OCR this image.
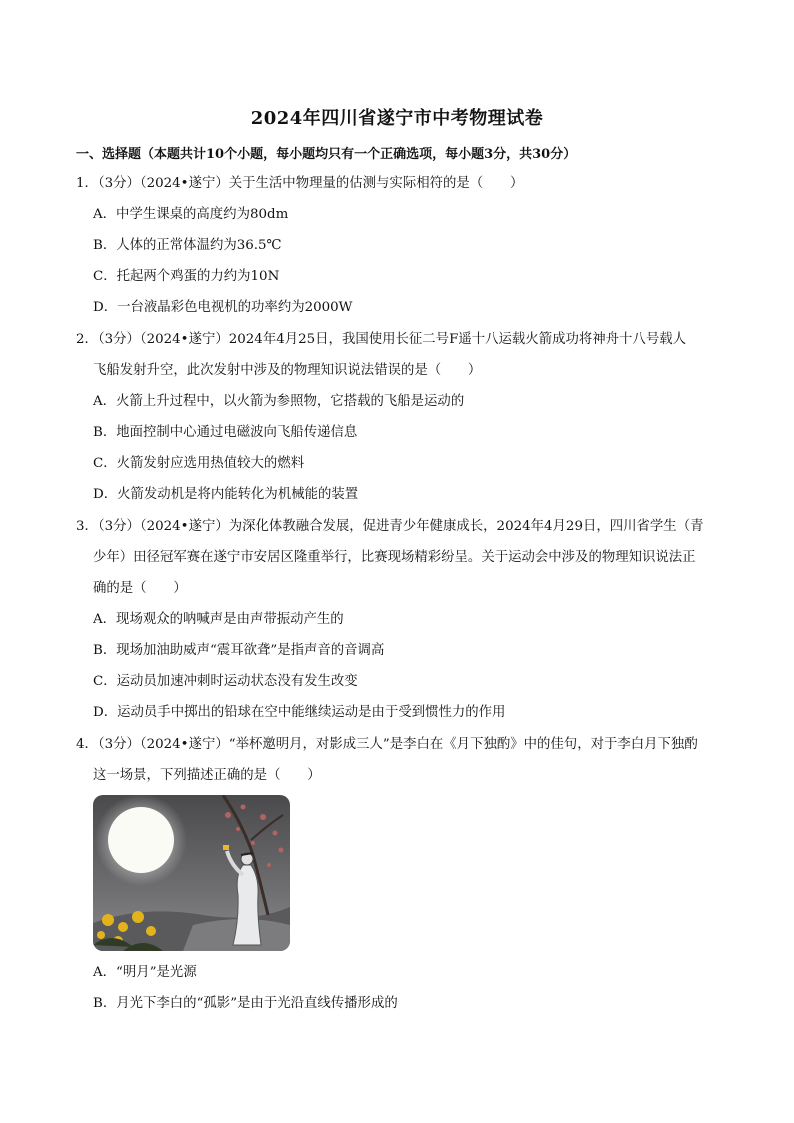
2024年四川省遂宁市中考物理试卷
一、选择题（本题共计10个小题，每小题均只有一个正确选项，每小题3分，共30分）
1．（3分）（2024•遂宁）关于生活中物理量的估测与实际相符的是（　　）
A．中学生课桌的高度约为80dm
B．人体的正常体温约为36.5℃
C．托起两个鸡蛋的力约为10N
D．一台液晶彩色电视机的功率约为2000W
2．（3分）（2024•遂宁）2024年4月25日，我国使用长征二号F遥十八运载火箭成功将神舟十八号载人
飞船发射升空，此次发射中涉及的物理知识说法错误的是（　　）
A．火箭上升过程中，以火箭为参照物，它搭载的飞船是运动的
B．地面控制中心通过电磁波向飞船传递信息
C．火箭发射应选用热值较大的燃料
D．火箭发动机是将内能转化为机械能的装置
3．（3分）（2024•遂宁）为深化体教融合发展，促进青少年健康成长，2024年4月29日，四川省学生（青
少年）田径冠军赛在遂宁市安居区隆重举行，比赛现场精彩纷呈。关于运动会中涉及的物理知识说法正
确的是（　　）
A．现场观众的呐喊声是由声带振动产生的
B．现场加油助威声“震耳欲聋”是指声音的音调高
C．运动员加速冲刺时运动状态没有发生改变
D．运动员手中掷出的铅球在空中能继续运动是由于受到惯性力的作用
4．（3分）（2024•遂宁）“举杯邀明月，对影成三人”是李白在《月下独酌》中的佳句，对于李白月下独酌
这一场景，下列描述正确的是（　　）
A．“明月”是光源
B．月光下李白的“孤影”是由于光沿直线传播形成的
